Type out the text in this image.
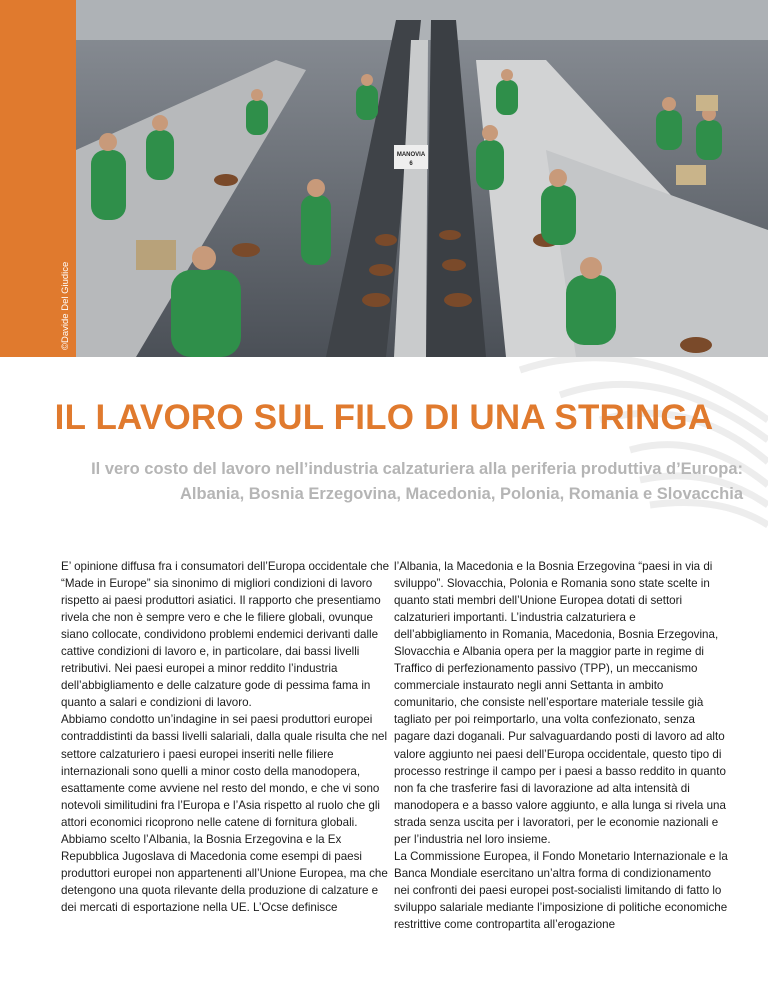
©Davide Del Giudice
MANOVIA
6
IL LAVORO SUL FILO DI UNA STRINGA
Il vero costo del lavoro nell’industria calzaturiera alla periferia produttiva d’Europa:
Albania, Bosnia Erzegovina, Macedonia, Polonia, Romania e Slovacchia

E’ opinione diffusa fra i consumatori dell’Europa occidentale che “Made in Europe” sia sinonimo di migliori condizioni di lavoro rispetto ai paesi produttori asiatici. Il rapporto che presentiamo rivela che non è sempre vero e che le filiere globali, ovunque siano collocate, condividono problemi endemici derivanti dalle cattive condizioni di lavoro e, in particolare, dai bassi livelli retributivi. Nei paesi europei a minor reddito l’industria dell’abbigliamento e delle calzature gode di pessima fama in quanto a salari e condizioni di lavoro.

Abbiamo condotto un’indagine in sei paesi produttori europei contraddistinti da bassi livelli salariali, dalla quale risulta che nel settore calzaturiero i paesi europei inseriti nelle filiere internazionali sono quelli a minor costo della manodopera, esattamente come avviene nel resto del mondo, e che vi sono notevoli similitudini fra l’Europa e l’Asia rispetto al ruolo che gli attori economici ricoprono nelle catene di fornitura globali.

Abbiamo scelto l’Albania, la Bosnia Erzegovina e la Ex Repubblica Jugoslava di Macedonia come esempi di paesi produttori europei non appartenenti all’Unione Europea, ma che detengono una quota rilevante della produzione di calzature e dei mercati di esportazione nella UE. L’Ocse definisce

l’Albania, la Macedonia e la Bosnia Erzegovina “paesi in via di sviluppo”. Slovacchia, Polonia e Romania sono state scelte in quanto stati membri dell’Unione Europea dotati di settori calzaturieri importanti. L’industria calzaturiera e dell’abbigliamento in Romania, Macedonia, Bosnia Erzegovina, Slovacchia e Albania opera per la maggior parte in regime di Traffico di perfezionamento passivo (TPP), un meccanismo commerciale instaurato negli anni Settanta in ambito comunitario, che consiste nell’esportare materiale tessile già tagliato per poi reimportarlo, una volta confezionato, senza pagare dazi doganali. Pur salvaguardando posti di lavoro ad alto valore aggiunto nei paesi dell’Europa occidentale, questo tipo di processo restringe il campo per i paesi a basso reddito in quanto non fa che trasferire fasi di lavorazione ad alta intensità di manodopera e a basso valore aggiunto, e alla lunga si rivela una strada senza uscita per i lavoratori, per le economie nazionali e per l’industria nel loro insieme.

La Commissione Europea, il Fondo Monetario Internazionale e la Banca Mondiale esercitano un’altra forma di condizionamento nei confronti dei paesi europei post-socialisti limitando di fatto lo sviluppo salariale mediante l’imposizione di politiche economiche restrittive come contropartita all’erogazione
